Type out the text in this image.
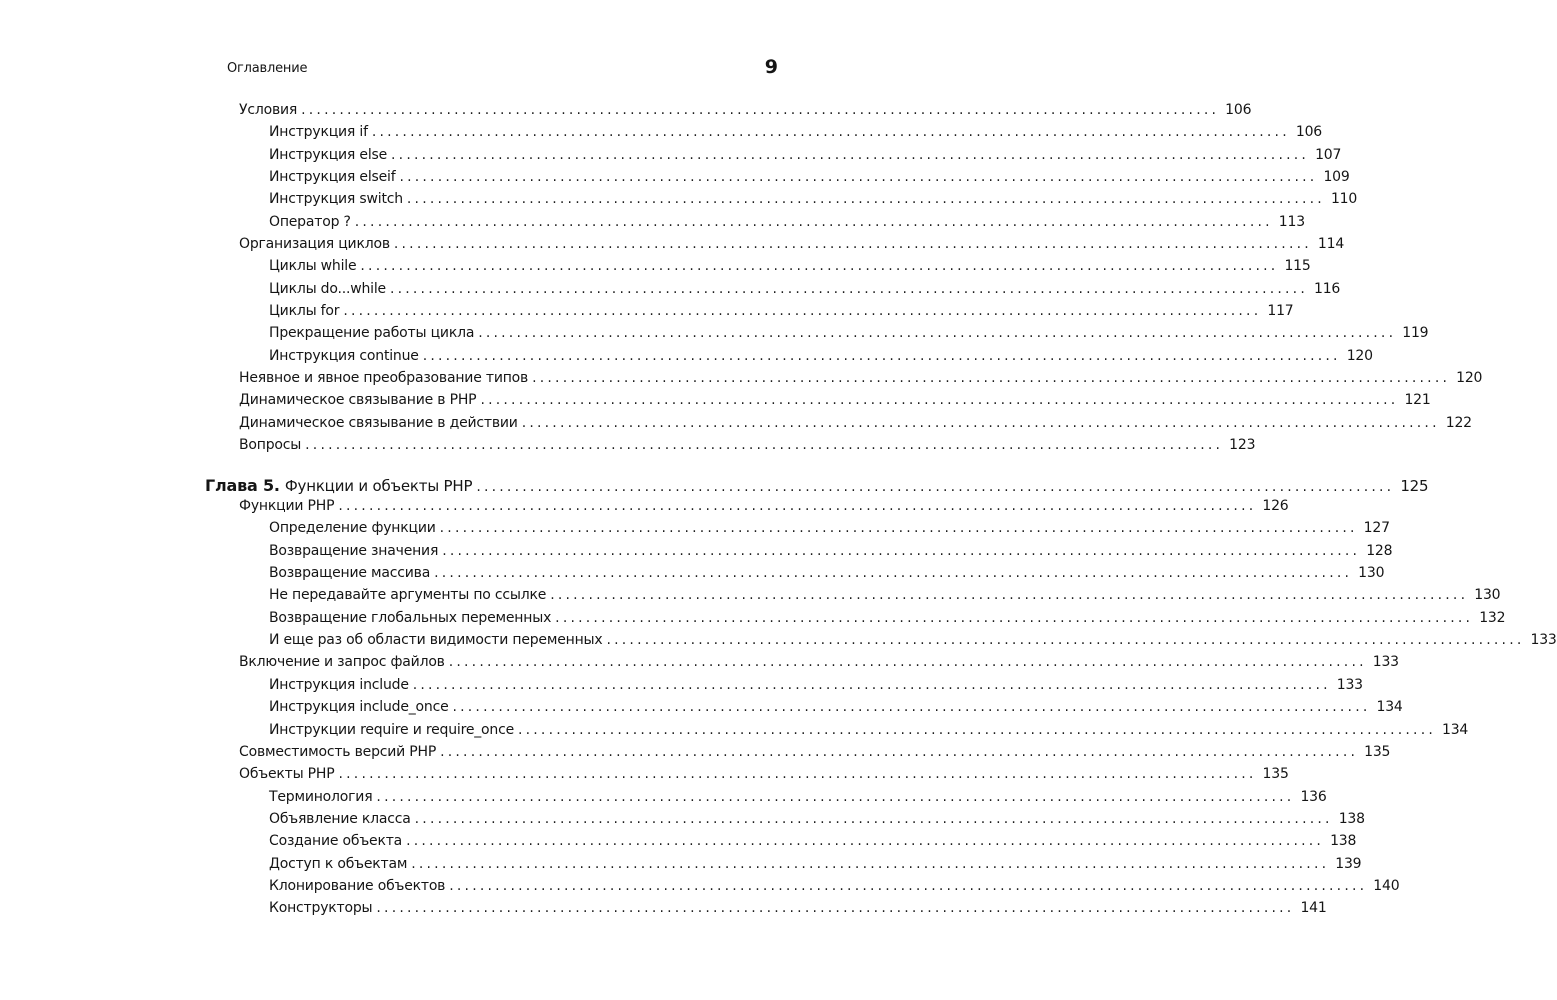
Оглавление	9
Условия ........................................................................................................................ 106
Инструкция if ........................................................................................................................ 106
Инструкция else ........................................................................................................................ 107
Инструкция elseif ........................................................................................................................ 109
Инструкция switch ........................................................................................................................ 110
Оператор ? ........................................................................................................................ 113
Организация циклов ........................................................................................................................ 114
Циклы while ........................................................................................................................ 115
Циклы do...while ........................................................................................................................ 116
Циклы for ........................................................................................................................ 117
Прекращение работы цикла ........................................................................................................................ 119
Инструкция continue ........................................................................................................................ 120
Неявное и явное преобразование типов ........................................................................................................................ 120
Динамическое связывание в PHP ........................................................................................................................ 121
Динамическое связывание в действии ........................................................................................................................ 122
Вопросы ........................................................................................................................ 123
Глава 5. Функции и объекты PHP ........................................................................................................................ 125
Функции PHP ........................................................................................................................ 126
Определение функции ........................................................................................................................ 127
Возвращение значения ........................................................................................................................ 128
Возвращение массива ........................................................................................................................ 130
Не передавайте аргументы по ссылке ........................................................................................................................ 130
Возвращение глобальных переменных ........................................................................................................................ 132
И еще раз об области видимости переменных ........................................................................................................................ 133
Включение и запрос файлов ........................................................................................................................ 133
Инструкция include ........................................................................................................................ 133
Инструкция include_once ........................................................................................................................ 134
Инструкции require и require_once ........................................................................................................................ 134
Совместимость версий PHP ........................................................................................................................ 135
Объекты PHP ........................................................................................................................ 135
Терминология ........................................................................................................................ 136
Объявление класса ........................................................................................................................ 138
Создание объекта ........................................................................................................................ 138
Доступ к объектам ........................................................................................................................ 139
Клонирование объектов ........................................................................................................................ 140
Конструкторы ........................................................................................................................ 141
